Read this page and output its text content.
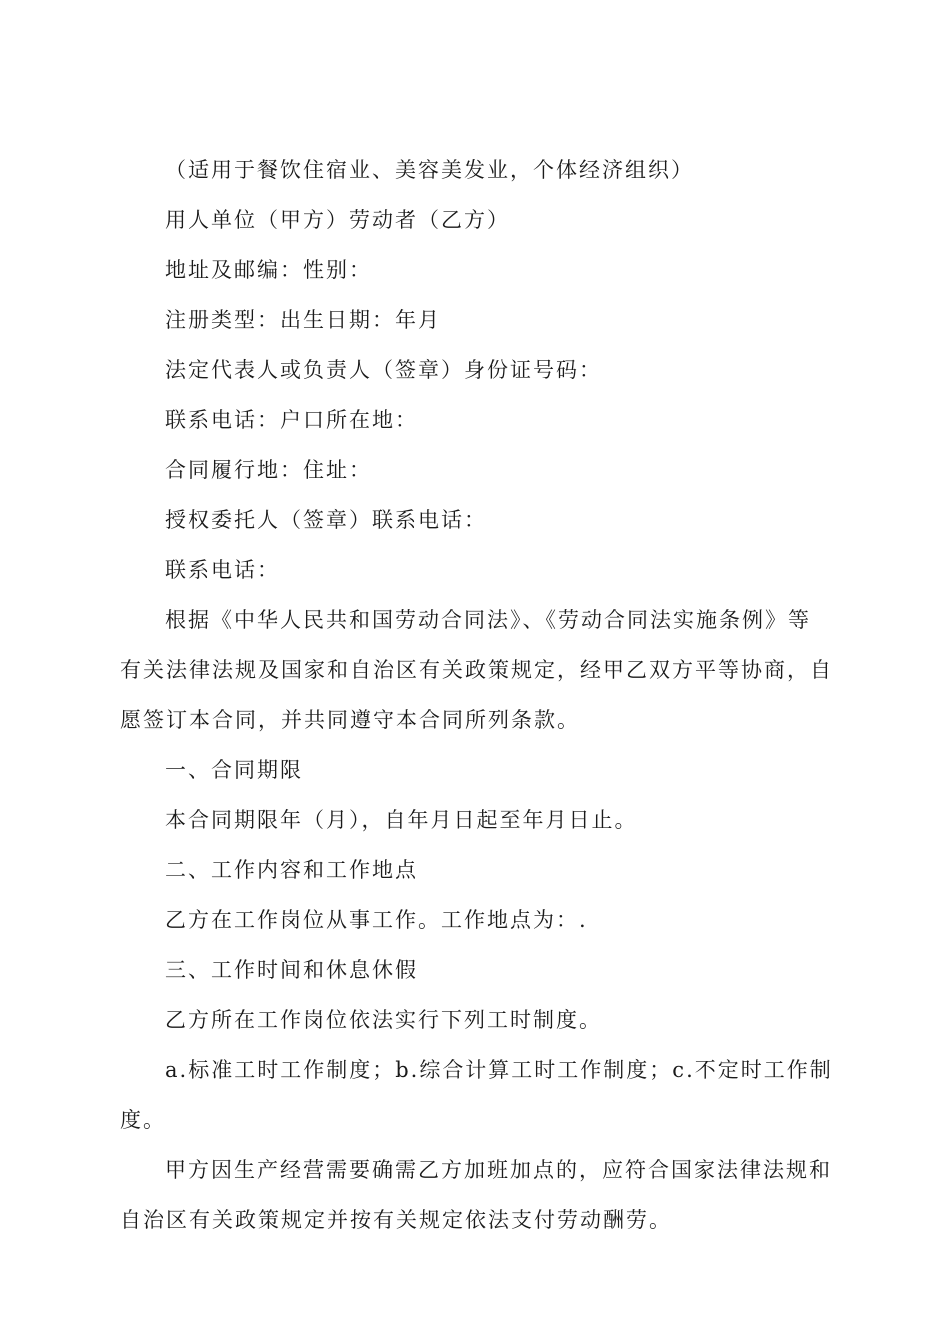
（适用于餐饮住宿业、美容美发业，个体经济组织）

用人单位（甲方）劳动者（乙方）

地址及邮编：性别：

注册类型：出生日期：年月

法定代表人或负责人（签章）身份证号码：

联系电话：户口所在地：

合同履行地：住址：

授权委托人（签章）联系电话：

联系电话：

根据《中华人民共和国劳动合同法》、《劳动合同法实施条例》等

有关法律法规及国家和自治区有关政策规定，经甲乙双方平等协商，自

愿签订本合同，并共同遵守本合同所列条款。

一、合同期限

本合同期限年（月），自年月日起至年月日止。

二、工作内容和工作地点

乙方在工作岗位从事工作。工作地点为：.

三、工作时间和休息休假

乙方所在工作岗位依法实行下列工时制度。

a.标准工时工作制度；b.综合计算工时工作制度；c.不定时工作制

度。

甲方因生产经营需要确需乙方加班加点的，应符合国家法律法规和

自治区有关政策规定并按有关规定依法支付劳动酬劳。
